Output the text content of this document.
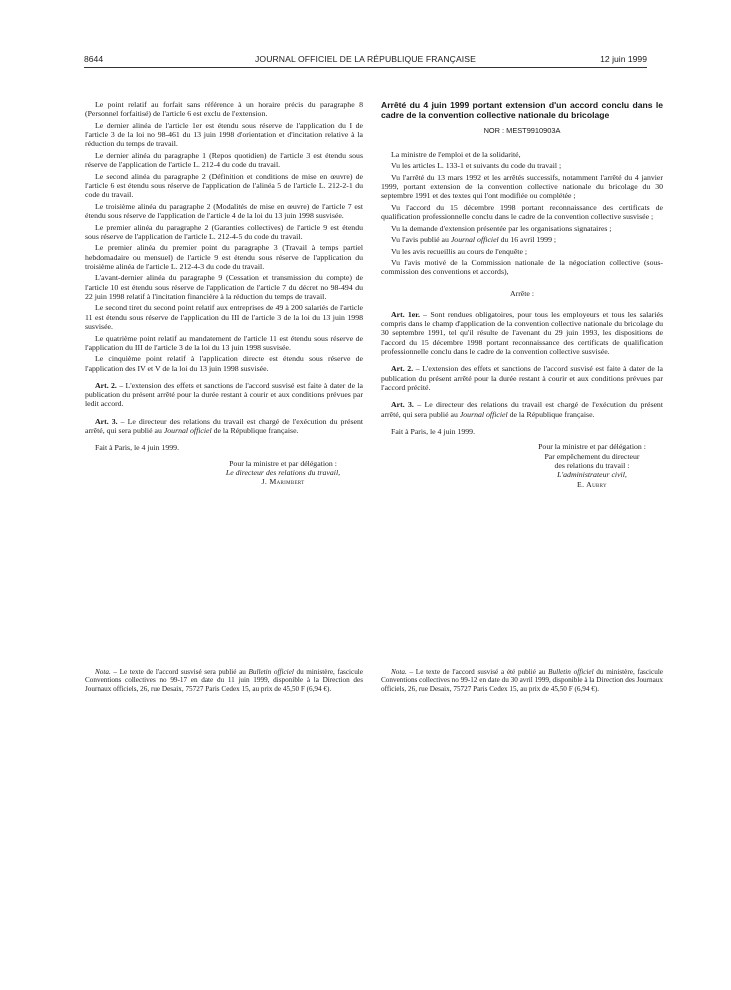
8644	JOURNAL OFFICIEL DE LA RÉPUBLIQUE FRANÇAISE	12 juin 1999

Le point relatif au forfait sans référence à un horaire précis du paragraphe 8 (Personnel forfaitisé) de l'article 6 est exclu de l'extension.

Le dernier alinéa de l'article 1er est étendu sous réserve de l'application du I de l'article 3 de la loi no 98-461 du 13 juin 1998 d'orientation et d'incitation relative à la réduction du temps de travail.

Le dernier alinéa du paragraphe 1 (Repos quotidien) de l'article 3 est étendu sous réserve de l'application de l'article L. 212-4 du code du travail.

Le second alinéa du paragraphe 2 (Définition et conditions de mise en œuvre) de l'article 6 est étendu sous réserve de l'application de l'alinéa 5 de l'article L. 212-2-1 du code du travail.

Le troisième alinéa du paragraphe 2 (Modalités de mise en œuvre) de l'article 7 est étendu sous réserve de l'application de l'article 4 de la loi du 13 juin 1998 susvisée.

Le premier alinéa du paragraphe 2 (Garanties collectives) de l'article 9 est étendu sous réserve de l'application de l'article L. 212-4-5 du code du travail.

Le premier alinéa du premier point du paragraphe 3 (Travail à temps partiel hebdomadaire ou mensuel) de l'article 9 est étendu sous réserve de l'application du troisième alinéa de l'article L. 212-4-3 du code du travail.

L'avant-dernier alinéa du paragraphe 9 (Cessation et transmission du compte) de l'article 10 est étendu sous réserve de l'application de l'article 7 du décret no 98-494 du 22 juin 1998 relatif à l'incitation financière à la réduction du temps de travail.

Le second tiret du second point relatif aux entreprises de 49 à 200 salariés de l'article 11 est étendu sous réserve de l'application du III de l'article 3 de la loi du 13 juin 1998 susvisée.

Le quatrième point relatif au mandatement de l'article 11 est étendu sous réserve de l'application du III de l'article 3 de la loi du 13 juin 1998 susvisée.

Le cinquième point relatif à l'application directe est étendu sous réserve de l'application des IV et V de la loi du 13 juin 1998 susvisée.

Art. 2. – L'extension des effets et sanctions de l'accord susvisé est faite à dater de la publication du présent arrêté pour la durée restant à courir et aux conditions prévues par ledit accord.

Art. 3. – Le directeur des relations du travail est chargé de l'exécution du présent arrêté, qui sera publié au Journal officiel de la République française.

Fait à Paris, le 4 juin 1999.

Pour la ministre et par délégation :
Le directeur des relations du travail,
J. Marimbert

Arrêté du 4 juin 1999 portant extension d'un accord conclu dans le cadre de la convention collective nationale du bricolage

NOR : MESТ9910903A

La ministre de l'emploi et de la solidarité,

Vu les articles L. 133-1 et suivants du code du travail ;

Vu l'arrêté du 13 mars 1992 et les arrêtés successifs, notamment l'arrêté du 4 janvier 1999, portant extension de la convention collective nationale du bricolage du 30 septembre 1991 et des textes qui l'ont modifiée ou complétée ;

Vu l'accord du 15 décembre 1998 portant reconnaissance des certificats de qualification professionnelle conclu dans le cadre de la convention collective susvisée ;

Vu la demande d'extension présentée par les organisations signataires ;

Vu l'avis publié au Journal officiel du 16 avril 1999 ;

Vu les avis recueillis au cours de l'enquête ;

Vu l'avis motivé de la Commission nationale de la négociation collective (sous-commission des conventions et accords),

Arrête :

Art. 1er. – Sont rendues obligatoires, pour tous les employeurs et tous les salariés compris dans le champ d'application de la convention collective nationale du bricolage du 30 septembre 1991, tel qu'il résulte de l'avenant du 29 juin 1993, les dispositions de l'accord du 15 décembre 1998 portant reconnaissance des certificats de qualification professionnelle conclu dans le cadre de la convention collective susvisée.

Art. 2. – L'extension des effets et sanctions de l'accord susvisé est faite à dater de la publication du présent arrêté pour la durée restant à courir et aux conditions prévues par l'accord précité.

Art. 3. – Le directeur des relations du travail est chargé de l'exécution du présent arrêté, qui sera publié au Journal officiel de la République française.

Fait à Paris, le 4 juin 1999.

Pour la ministre et par délégation :
Par empêchement du directeur
des relations du travail :
L'administrateur civil,
E. Aubry
Nota. – Le texte de l'accord susvisé sera publié au Bulletin officiel du ministère, fascicule Conventions collectives no 99-17 en date du 11 juin 1999, disponible à la Direction des Journaux officiels, 26, rue Desaix, 75727 Paris Cedex 15, au prix de 45,50 F (6,94 €).
Nota. – Le texte de l'accord susvisé a été publié au Bulletin officiel du ministère, fascicule Conventions collectives no 99-12 en date du 30 avril 1999, disponible à la Direction des Journaux officiels, 26, rue Desaix, 75727 Paris Cedex 15, au prix de 45,50 F (6,94 €).
